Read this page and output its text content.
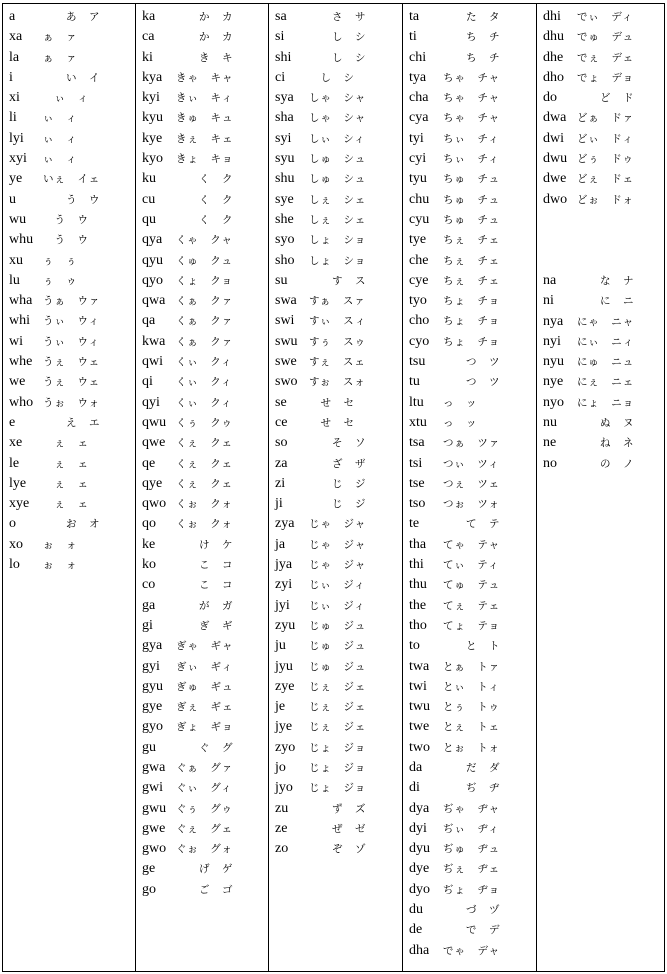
a	　　あ　ア
xa	ぁ　ァ
la	ぁ　ァ
i	　　い　イ
xi	　ぃ　ィ
li	ぃ　ィ
lyi	ぃ　ィ
xyi	ぃ　ィ
ye	いぇ　イェ
u	　　う　ウ
wu	　う　ウ
whu 　う　ウ
xu	ぅ　ぅ
lu	ぅ　ゥ
wha	うぁ　ウァ
whi	うぃ　ウィ
wi	うぃ　ウィ
whe	うぇ　ウェ
we	うぇ　ウェ
who うぉ　ウォ
e	　　え　エ
xe	　ぇ　ェ
le	　ぇ　ェ
lye	　ぇ　ェ
xye	　ぇ　ェ
o	　　お　オ
xo	ぉ　ォ
lo	ぉ　ォ
ka	　　か　カ
ca	　　か　カ
ki	　　き　キ
kya	きゃ　キャ
kyi	きぃ　キィ
kyu	きゅ　キュ
kye	きぇ　キェ
kyo	きょ　キョ
ku	　　く　ク
cu	　　く　ク
qu	　　く　ク
qya	くゃ　クャ
qyu	くゅ　クュ
qyo	くょ　クョ
qwa	くぁ　クァ
qa	くぁ　クァ
kwa	くぁ　クァ
qwi	くぃ　クィ
qi	くぃ　クィ
qyi	くぃ　クィ
qwu くぅ　クゥ
qwe	くぇ　クェ
qe	くぇ　クェ
qye	くぇ　クェ
qwo くぉ　クォ
qo	くぉ　クォ
ke	　　け　ケ
ko	　　こ　コ
co	　　こ　コ
ga	　　が　ガ
gi	　　ぎ　ギ
gya	ぎゃ　ギャ
gyi	ぎぃ　ギィ
gyu	ぎゅ　ギュ
gye	ぎぇ　ギェ
gyo	ぎょ　ギョ
gu	　　ぐ　グ
gwa	ぐぁ　グァ
gwi	ぐぃ　グィ
gwu ぐぅ　グゥ
gwe	ぐぇ　グェ
gwo ぐぉ　グォ
ge	　　げ　ゲ
go	　　ご　ゴ
sa	　　さ　サ
si	　　し　シ
shi	　　し　シ
ci	　し　シ
sya	しゃ　シャ
sha	しゃ　シャ
syi	しぃ　シィ
syu	しゅ　シュ
shu	しゅ　シュ
sye	しぇ　シェ
she	しぇ　シェ
syo	しょ　ショ
sho	しょ　ショ
su	　　す　ス
swa	すぁ　スァ
swi	すぃ　スィ
swu	すぅ　スゥ
swe	すぇ　スェ
swo	すぉ　スォ
se	　せ　セ
ce	　せ　セ
so	　　そ　ソ
za	　　ざ　ザ
zi	　　じ　ジ
ji	　　じ　ジ
zya	じゃ　ジャ
ja	じゃ　ジャ
jya	じゃ　ジャ
zyi	じぃ　ジィ
jyi	じぃ　ジィ
zyu	じゅ　ジュ
ju	じゅ　ジュ
jyu	じゅ　ジュ
zye	じぇ　ジェ
je	じぇ　ジェ
jye	じぇ　ジェ
zyo	じょ　ジョ
jo	じょ　ジョ
jyo	じょ　ジョ
zu	　　ず　ズ
ze	　　ぜ　ゼ
zo	　　ぞ　ゾ
ta	　　た　タ
ti	　　ち　チ
chi	　　ち　チ
tya	ちゃ　チャ
cha	ちゃ　チャ
cya	ちゃ　チャ
tyi	ちぃ　チィ
cyi	ちぃ　チィ
tyu	ちゅ　チュ
chu	ちゅ　チュ
cyu	ちゅ　チュ
tye	ちぇ　チェ
che	ちぇ　チェ
cye	ちぇ　チェ
tyo	ちょ　チョ
cho	ちょ　チョ
cyo	ちょ　チョ
tsu	　　つ　ツ
tu	　　つ　ツ
ltu	っ　ッ
xtu	っ　ッ
tsa	つぁ　ツァ
tsi	つぃ　ツィ
tse	つぇ　ツェ
tso	つぉ　ツォ
te	　　て　テ
tha	てゃ　テャ
thi	てぃ　ティ
thu	てゅ　テュ
the	てぇ　テェ
tho	てょ　テョ
to	　　と　ト
twa	とぁ　トァ
twi	とぃ　トィ
twu	とぅ　トゥ
twe	とぇ　トェ
two	とぉ　トォ
da	　　だ　ダ
di	　　ぢ　ヂ
dya	ぢゃ　ヂャ
dyi	ぢぃ　ヂィ
dyu	ぢゅ　ヂュ
dye	ぢぇ　ヂェ
dyo	ぢょ　ヂョ
du	　　づ　ヅ
de	　　で　デ
dha	でゃ　デャ
dhi	でぃ　ディ
dhu	でゅ　デュ
dhe	でぇ　デェ
dho	でょ　デョ
do	　　ど　ド
dwa	どぁ　ドァ
dwi	どぃ　ドィ
dwu どぅ　ドゥ
dwe	どぇ　ドェ
dwo どぉ　ドォ
na	　　な　ナ
ni	　　に　ニ
nya	にゃ　ニャ
nyi	にぃ　ニィ
nyu	にゅ　ニュ
nye	にぇ　ニェ
nyo	にょ　ニョ
nu	　　ぬ　ヌ
ne	　　ね　ネ
no	　　の　ノ
